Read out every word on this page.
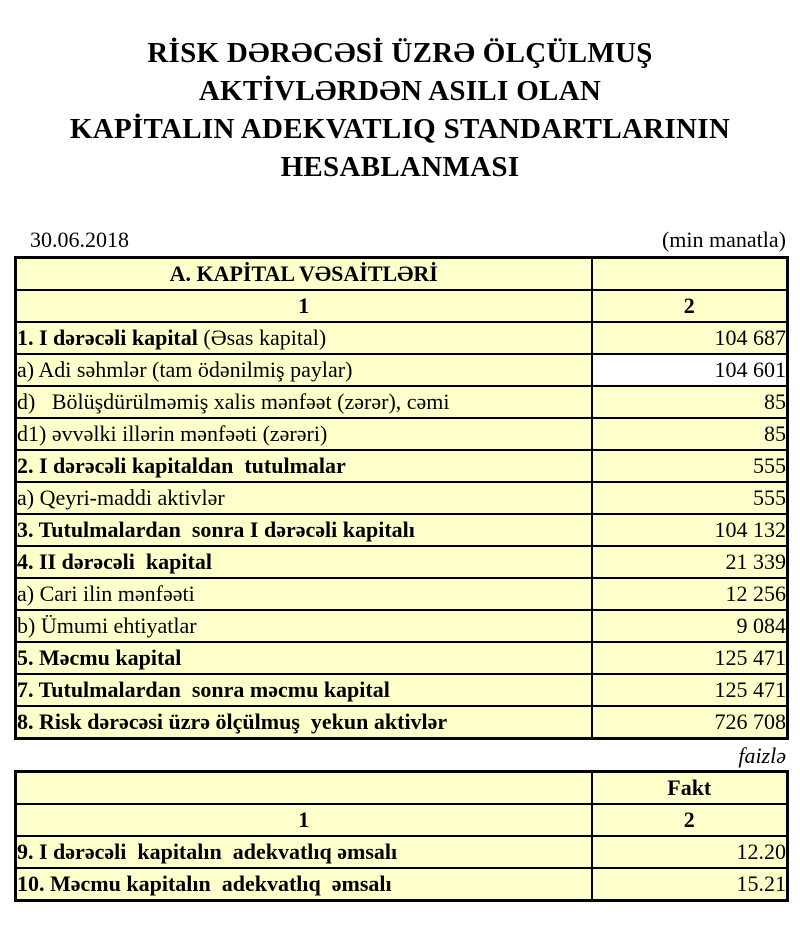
RİSK DƏRƏCƏSİ ÜZRƏ ÖLÇÜLMUŞ
AKTİVLƏRDƏN ASILI OLAN
KAPİTALIN ADEKVATLIQ STANDARTLARININ
HESABLANMASI
30.06.2018	(min manatla)
A. KAPİTAL VƏSAİTLƏRİ	
1	2
1. I dərəcəli kapital (Əsas kapital)	104 687
a) Adi səhmlər (tam ödənilmiş paylar)	104 601
d)   Bölüşdürülməmiş xalis mənfəət (zərər), cəmi	85
d1) əvvəlki illərin mənfəəti (zərəri)	85
2. I dərəcəli kapitaldan  tutulmalar	555
a) Qeyri-maddi aktivlər	555
3. Tutulmalardan  sonra I dərəcəli kapitalı	104 132
4. II dərəcəli  kapital	21 339
a) Cari ilin mənfəəti	12 256
b) Ümumi ehtiyatlar	9 084
5. Məcmu kapital	125 471
7. Tutulmalardan  sonra məcmu kapital	125 471
8. Risk dərəcəsi üzrə ölçülmuş  yekun aktivlər	726 708
faizlə
	Fakt
1	2
9. I dərəcəli  kapitalın  adekvatlıq əmsalı	12.20
10. Məcmu kapitalın  adekvatlıq  əmsalı	15.21
